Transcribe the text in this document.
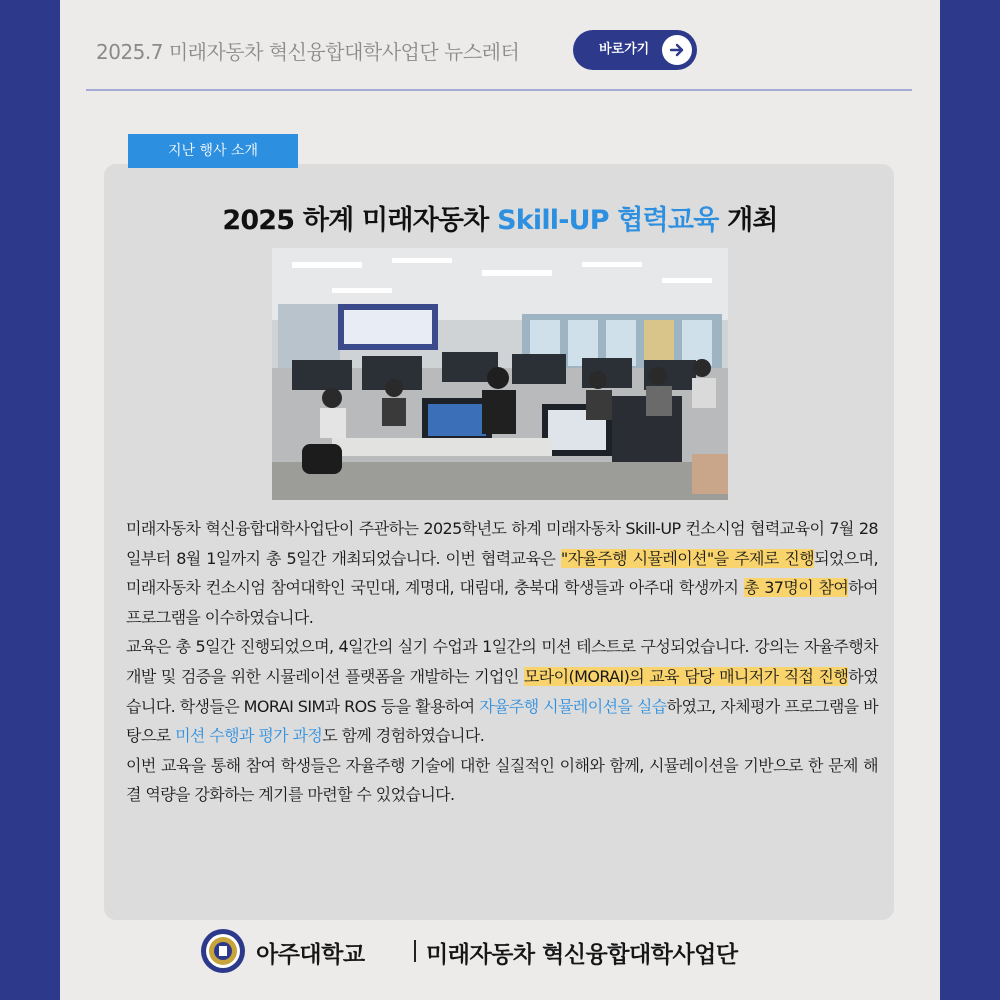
2025.7 미래자동차 혁신융합대학사업단 뉴스레터	바로가기
지난 행사 소개
2025 하계 미래자동차 Skill-UP 협력교육 개최

미래자동차 혁신융합대학사업단이 주관하는 2025학년도 하계 미래자동차 Skill-UP 컨소시엄 협력교육이 7월 28일부터 8월 1일까지 총 5일간 개최되었습니다. 이번 협력교육은 "자율주행 시뮬레이션"을 주제로 진행되었으며, 미래자동차 컨소시엄 참여대학인 국민대, 계명대, 대림대, 충북대 학생들과 아주대 학생까지 총 37명이 참여하여 프로그램을 이수하였습니다.

교육은 총 5일간 진행되었으며, 4일간의 실기 수업과 1일간의 미션 테스트로 구성되었습니다. 강의는 자율주행차 개발 및 검증을 위한 시뮬레이션 플랫폼을 개발하는 기업인 모라이(MORAI)의 교육 담당 매니저가 직접 진행하였습니다. 학생들은 MORAI SIM과 ROS 등을 활용하여 자율주행 시뮬레이션을 실습하였고, 자체평가 프로그램을 바탕으로 미션 수행과 평가 과정도 함께 경험하였습니다.

이번 교육을 통해 참여 학생들은 자율주행 기술에 대한 실질적인 이해와 함께, 시뮬레이션을 기반으로 한 문제 해결 역량을 강화하는 계기를 마련할 수 있었습니다.

아주대학교	미래자동차 혁신융합대학사업단
